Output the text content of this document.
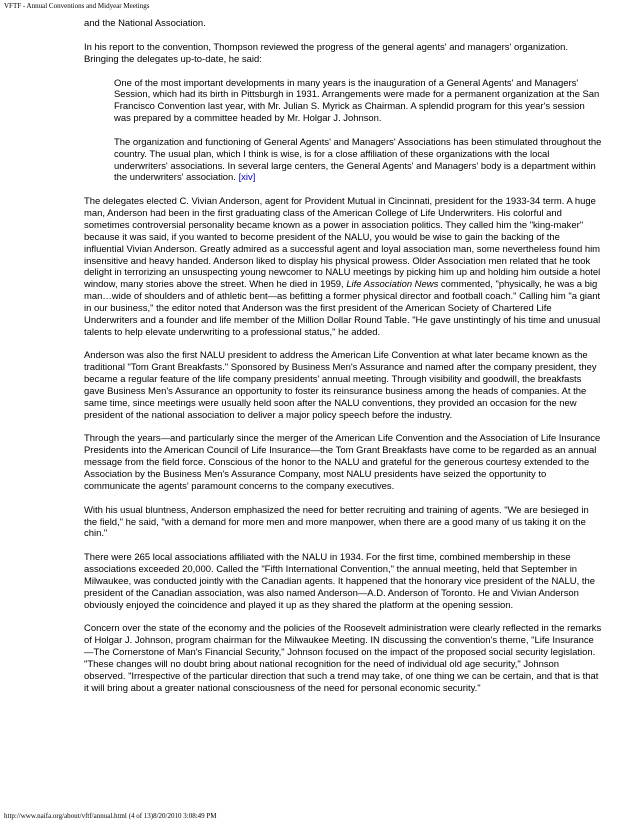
VFTF - Annual Conventions and Midyear Meetings

and the National Association.

In his report to the convention, Thompson reviewed the progress of the general agents' and managers' organization. Bringing the delegates up-to-date, he said:

One of the most important developments in many years is the inauguration of a General Agents' and Managers' Session, which had its birth in Pittsburgh in 1931. Arrangements were made for a permanent organization at the San Francisco Convention last year, with Mr. Julian S. Myrick as Chairman. A splendid program for this year's session was prepared by a committee headed by Mr. Holgar J. Johnson.

The organization and functioning of General Agents' and Managers' Associations has been stimulated throughout the country. The usual plan, which I think is wise, is for a close affiliation of these organizations with the local underwriters' associations. In several large centers, the General Agents' and Managers' body is a department within the underwriters' association. [xiv]

The delegates elected C. Vivian Anderson, agent for Provident Mutual in Cincinnati, president for the 1933-34 term. A huge man, Anderson had been in the first graduating class of the American College of Life Underwriters. His colorful and sometimes controversial personality became known as a power in association politics. They called him the "king-maker" because it was said, if you wanted to become president of the NALU, you would be wise to gain the backing of the influential Vivian Anderson. Greatly admired as a successful agent and loyal association man, some nevertheless found him insensitive and heavy handed. Anderson liked to display his physical prowess. Older Association men related that he took delight in terrorizing an unsuspecting young newcomer to NALU meetings by picking him up and holding him outside a hotel window, many stories above the street. When he died in 1959, Life Association News commented, "physically, he was a big man…wide of shoulders and of athletic bent—as befitting a former physical director and football coach." Calling him "a giant in our business," the editor noted that Anderson was the first president of the American Society of Chartered Life Underwriters and a founder and life member of the Million Dollar Round Table. "He gave unstintingly of his time and unusual talents to help elevate underwriting to a professional status," he added.

Anderson was also the first NALU president to address the American Life Convention at what later became known as the traditional "Tom Grant Breakfasts." Sponsored by Business Men's Assurance and named after the company president, they became a regular feature of the life company presidents' annual meeting. Through visibility and goodwill, the breakfasts gave Business Men's Assurance an opportunity to foster its reinsurance business among the heads of companies. At the same time, since meetings were usually held soon after the NALU conventions, they provided an occasion for the new president of the national association to deliver a major policy speech before the industry.

Through the years—and particularly since the merger of the American Life Convention and the Association of Life Insurance Presidents into the American Council of Life Insurance—the Tom Grant Breakfasts have come to be regarded as an annual message from the field force. Conscious of the honor to the NALU and grateful for the generous courtesy extended to the Association by the Business Men's Assurance Company, most NALU presidents have seized the opportunity to communicate the agents' paramount concerns to the company executives.

With his usual bluntness, Anderson emphasized the need for better recruiting and training of agents. "We are besieged in the field," he said, "with a demand for more men and more manpower, when there are a good many of us taking it on the chin."

There were 265 local associations affiliated with the NALU in 1934. For the first time, combined membership in these associations exceeded 20,000. Called the "Fifth International Convention," the annual meeting, held that September in Milwaukee, was conducted jointly with the Canadian agents. It happened that the honorary vice president of the NALU, the president of the Canadian association, was also named Anderson—A.D. Anderson of Toronto. He and Vivian Anderson obviously enjoyed the coincidence and played it up as they shared the platform at the opening session.

Concern over the state of the economy and the policies of the Roosevelt administration were clearly reflected in the remarks of Holgar J. Johnson, program chairman for the Milwaukee Meeting. IN discussing the convention's theme, "Life Insurance—The Cornerstone of Man's Financial Security," Johnson focused on the impact of the proposed social security legislation. "These changes will no doubt bring about national recognition for the need of individual old age security," Johnson observed. "Irrespective of the particular direction that such a trend may take, of one thing we can be certain, and that is that it will bring about a greater national consciousness of the need for personal economic security."

http://www.naifa.org/about/vftf/annual.html (4 of 13)8/20/2010 3:08:49 PM
